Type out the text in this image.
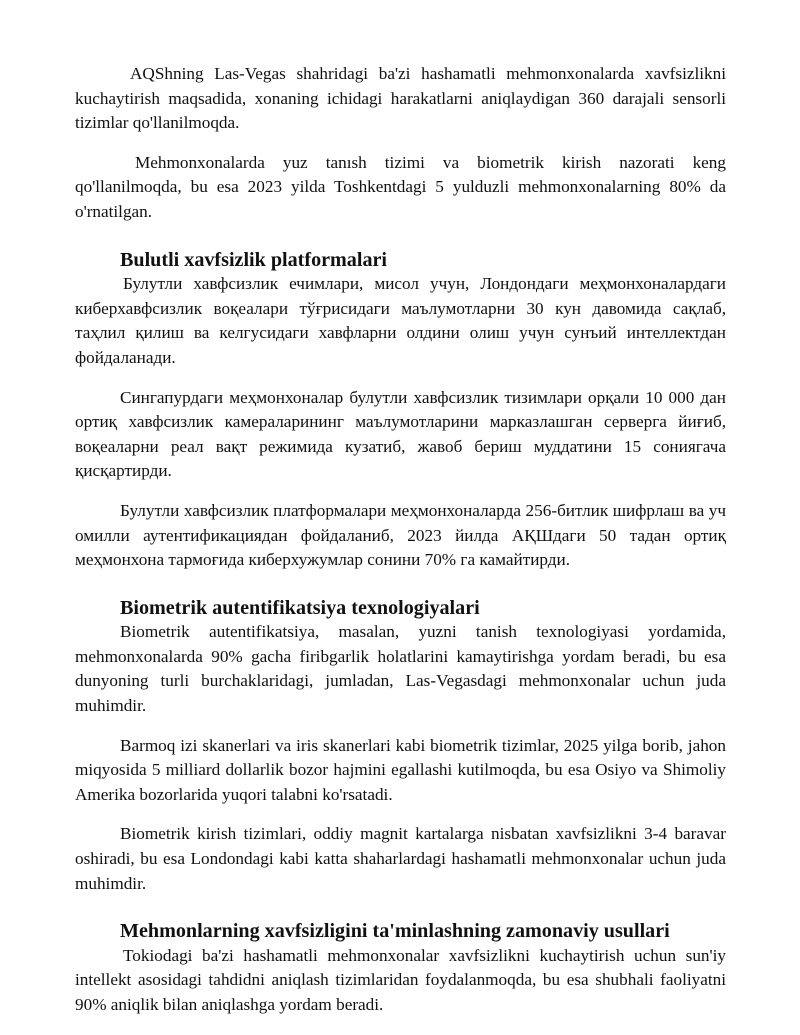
AQShning Las-Vegas shahridagi ba'zi hashamatli mehmonxonalarda xavfsizlikni kuchaytirish maqsadida, xonaning ichidagi harakatlarni aniqlaydigan 360 darajali sensorli tizimlar qo'llanilmoqda.

Mehmonxonalarda yuz tanısh tizimi va biometrik kirish nazorati keng qo'llanilmoqda, bu esa 2023 yilda Toshkentdagi 5 yulduzli mehmonxonalarning 80% da o'rnatilgan.

Bulutli xavfsizlik platformalari

Булутли хавфсизлик ечимлари, мисол учун, Лондондаги меҳмонхоналардаги киберхавфсизлик воқеалари тўғрисидаги маълумотларни 30 кун давомида сақлаб, таҳлил қилиш ва келгусидаги хавфларни олдини олиш учун сунъий интеллектдан фойдаланади.

Сингапурдаги меҳмонхоналар булутли хавфсизлик тизимлари орқали 10 000 дан ортиқ хавфсизлик камераларининг маълумотларини марказлашган серверга йиғиб, воқеаларни реал вақт режимида кузатиб, жавоб бериш муддатини 15 сониягача қисқартирди.

Булутли хавфсизлик платформалари меҳмонхоналарда 256-битлик шифрлаш ва уч омилли аутентификациядан фойдаланиб, 2023 йилда АҚШдаги 50 тадан ортиқ меҳмонхона тармоғида киберхужумлар сонини 70% га камайтирди.

Biometrik autentifikatsiya texnologiyalari

Biometrik autentifikatsiya, masalan, yuzni tanish texnologiyasi yordamida, mehmonxonalarda 90% gacha firibgarlik holatlarini kamaytirishga yordam beradi, bu esa dunyoning turli burchaklaridagi, jumladan, Las-Vegasdagi mehmonxonalar uchun juda muhimdir.

Barmoq izi skanerlari va iris skanerlari kabi biometrik tizimlar, 2025 yilga borib, jahon miqyosida 5 milliard dollarlik bozor hajmini egallashi kutilmoqda, bu esa Osiyo va Shimoliy Amerika bozorlarida yuqori talabni ko'rsatadi.

Biometrik kirish tizimlari, oddiy magnit kartalarga nisbatan xavfsizlikni 3-4 baravar oshiradi, bu esa Londondagi kabi katta shaharlardagi hashamatli mehmonxonalar uchun juda muhimdir.

Mehmonlarning xavfsizligini ta'minlashning zamonaviy usullari

Tokiodagi ba'zi hashamatli mehmonxonalar xavfsizlikni kuchaytirish uchun sun'iy intellekt asosidagi tahdidni aniqlash tizimlaridan foydalanmoqda, bu esa shubhali faoliyatni 90% aniqlik bilan aniqlashga yordam beradi.
